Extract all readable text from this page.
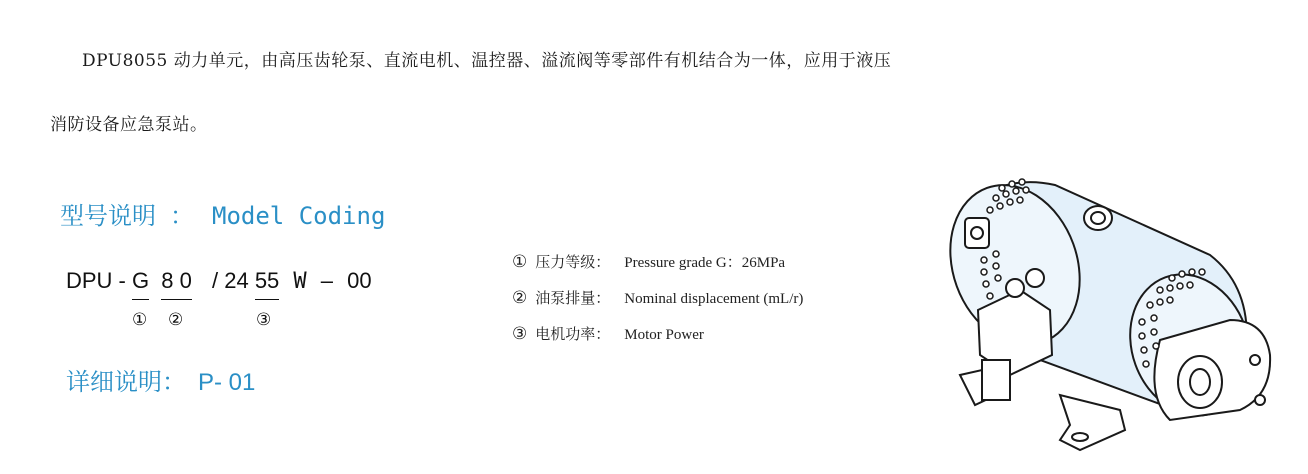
DPU8055 动力单元，由高压齿轮泵、直流电机、温控器、溢流阀等零部件有机结合为一体，应用于液压
消防设备应急泵站。
型号说明 ： Model Coding
DPU - G 8 0 / 24 55 W – 00
① ②	③
详细说明： P- 01
① 压力等级： Pressure grade G：26MPa
② 油泵排量： Nominal displacement (mL/r)
③ 电机功率： Motor Power
